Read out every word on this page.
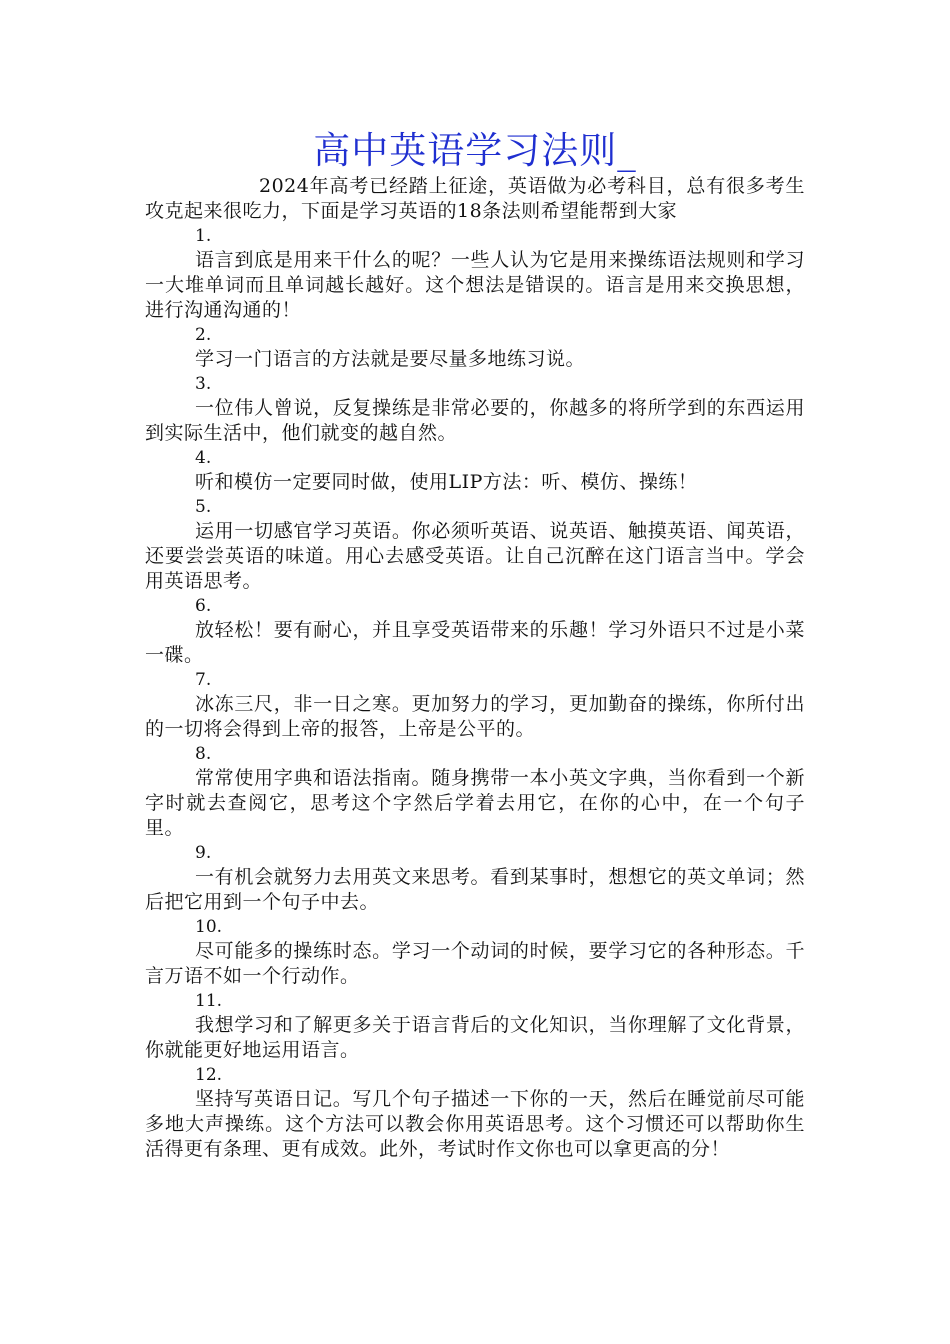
高中英语学习法则_

2024年高考已经踏上征途，英语做为必考科目，总有很多考生攻克起来很吃力，下面是学习英语的18条法则希望能帮到大家

1.

语言到底是用来干什么的呢？一些人认为它是用来操练语法规则和学习一大堆单词而且单词越长越好。这个想法是错误的。语言是用来交换思想，进行沟通沟通的！

2.

学习一门语言的方法就是要尽量多地练习说。

3.

一位伟人曾说，反复操练是非常必要的，你越多的将所学到的东西运用到实际生活中，他们就变的越自然。

4.

听和模仿一定要同时做，使用LIP方法：听、模仿、操练！

5.

运用一切感官学习英语。你必须听英语、说英语、触摸英语、闻英语，还要尝尝英语的味道。用心去感受英语。让自己沉醉在这门语言当中。学会用英语思考。

6.

放轻松！要有耐心，并且享受英语带来的乐趣！学习外语只不过是小菜一碟。

7.

冰冻三尺，非一日之寒。更加努力的学习，更加勤奋的操练，你所付出的一切将会得到上帝的报答，上帝是公平的。

8.

常常使用字典和语法指南。随身携带一本小英文字典，当你看到一个新字时就去查阅它，思考这个字然后学着去用它，在你的心中，在一个句子里。

9.

一有机会就努力去用英文来思考。看到某事时，想想它的英文单词；然后把它用到一个句子中去。

10.

尽可能多的操练时态。学习一个动词的时候，要学习它的各种形态。千言万语不如一个行动作。

11.

我想学习和了解更多关于语言背后的文化知识，当你理解了文化背景，你就能更好地运用语言。

12.

坚持写英语日记。写几个句子描述一下你的一天，然后在睡觉前尽可能多地大声操练。这个方法可以教会你用英语思考。这个习惯还可以帮助你生活得更有条理、更有成效。此外，考试时作文你也可以拿更高的分！
